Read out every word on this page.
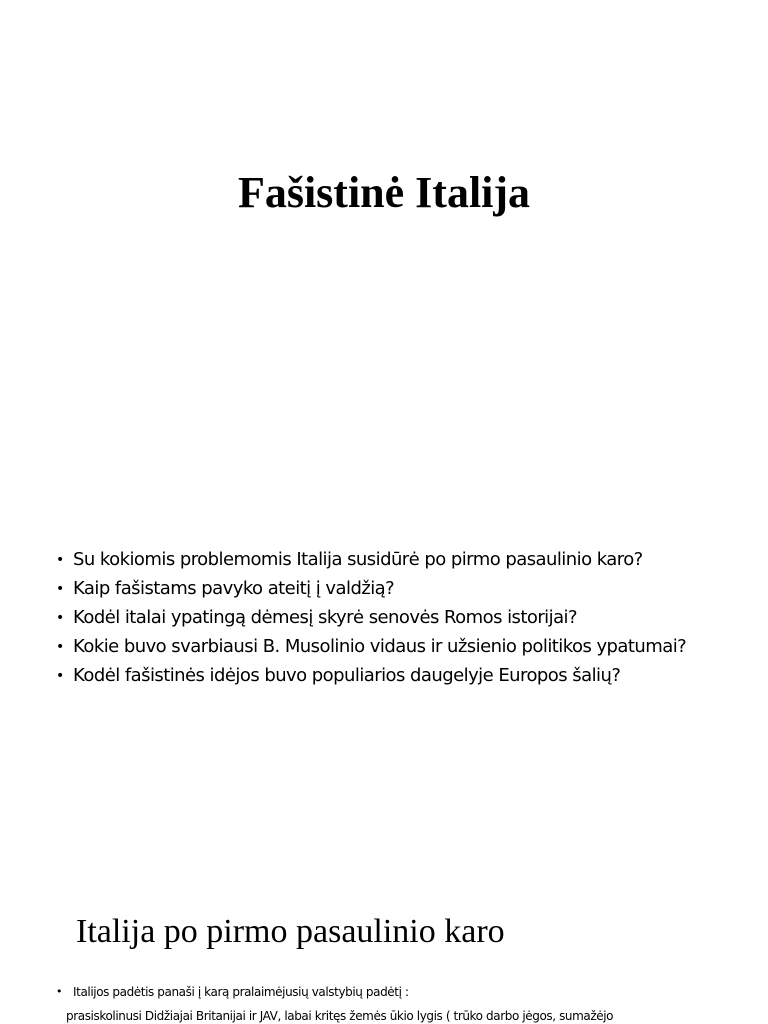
Fašistinė Italija
• Su kokiomis problemomis Italija susidūrė po pirmo pasaulinio karo?
• Kaip fašistams pavyko ateitį į valdžią?
• Kodėl italai ypatingą dėmesį skyrė senovės Romos istorijai?
• Kokie buvo svarbiausi B. Musolinio vidaus ir užsienio politikos ypatumai?
• Kodėl fašistinės idėjos buvo populiarios daugelyje Europos šalių?
Italija po pirmo pasaulinio karo
• Italijos padėtis panaši į karą pralaimėjusių valstybių padėtį :

prasiskolinusi Didžiajai Britanijai ir JAV, labai kritęs žemės ūkio lygis ( trūko darbo jėgos, sumažėjo
